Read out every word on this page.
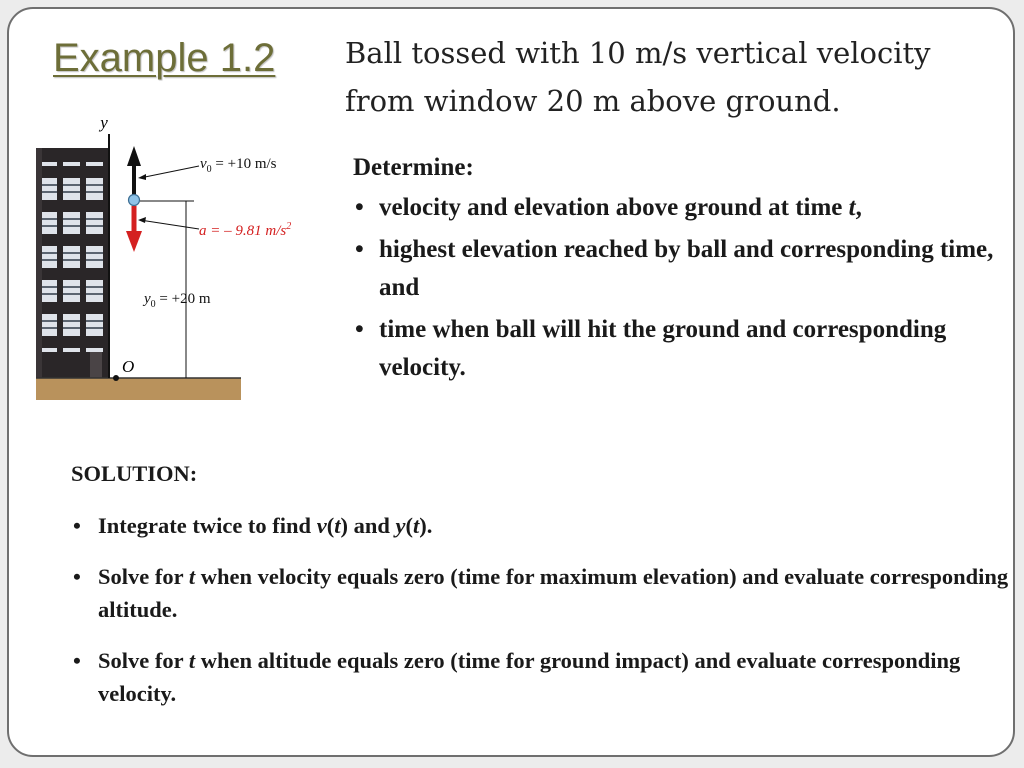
Example 1.2 Ball tossed with 10 m/s vertical velocity
from window 20 m above ground.
Determine:
• velocity and elevation above ground at time t,
• highest elevation reached by ball and corresponding time, and
• time when ball will hit the ground and corresponding velocity.
SOLUTION:
• Integrate twice to find v(t) and y(t).
• Solve for t when velocity equals zero (time for maximum elevation) and evaluate corresponding altitude.
• Solve for t when altitude equals zero (time for ground impact) and evaluate corresponding velocity.
y
O
$v_0 = +10$ m/s
a = – 9.81 $m/s^2$
$y_0 = +20$ m
